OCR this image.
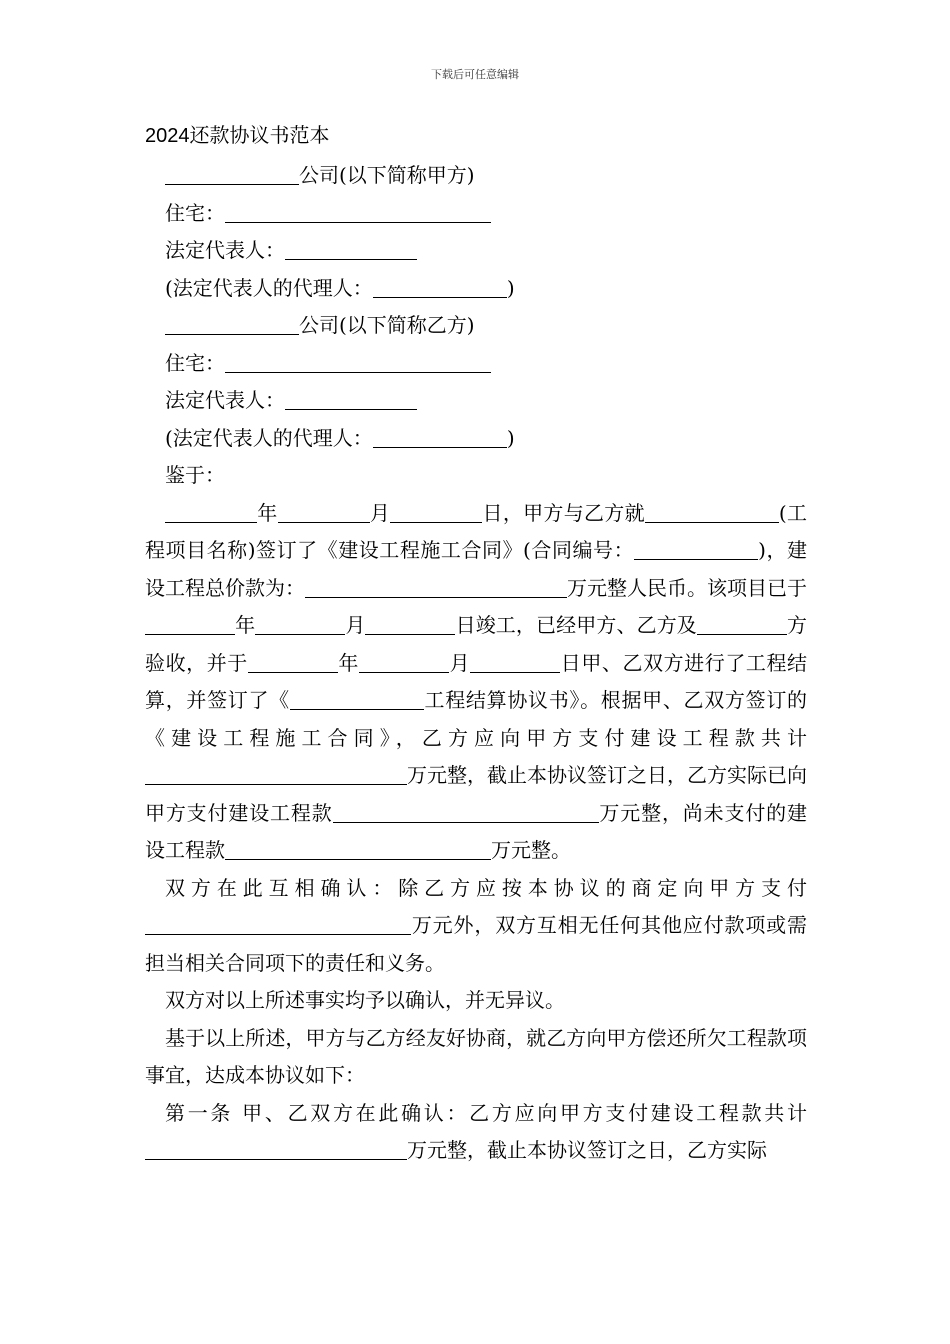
下载后可任意编辑
2024还款协议书范本

公司(以下简称甲方)

住宅：

法定代表人：

(法定代表人的代理人：	)

公司(以下简称乙方)

住宅：

法定代表人：

(法定代表人的代理人：	)

鉴于：

年	月	日，甲方与乙方就	(工程项目名称)签订了《建设工程施工合同》(合同编号：	)，建设工程总价款为：	万元整人民币。该项目已于年	月	日竣工，已经甲方、乙方及	方验收，并于	年	月	日甲、乙双方进行了工程结算，并签订了《	工程结算协议书》。根据甲、乙双方签订的《建设工程施工合同》，乙方应向甲方支付建设工程款共计万元整，截止本协议签订之日，乙方实际已向甲方支付建设工程款	万元整，尚未支付的建设工程款	万元整。

双方在此互相确认：除乙方应按本协议的商定向甲方支付万元外，双方互相无任何其他应付款项或需担当相关合同项下的责任和义务。

双方对以上所述事实均予以确认，并无异议。

基于以上所述，甲方与乙方经友好协商，就乙方向甲方偿还所欠工程款项事宜，达成本协议如下：

第一条 甲、乙双方在此确认：乙方应向甲方支付建设工程款共计万元整，截止本协议签订之日，乙方实际
